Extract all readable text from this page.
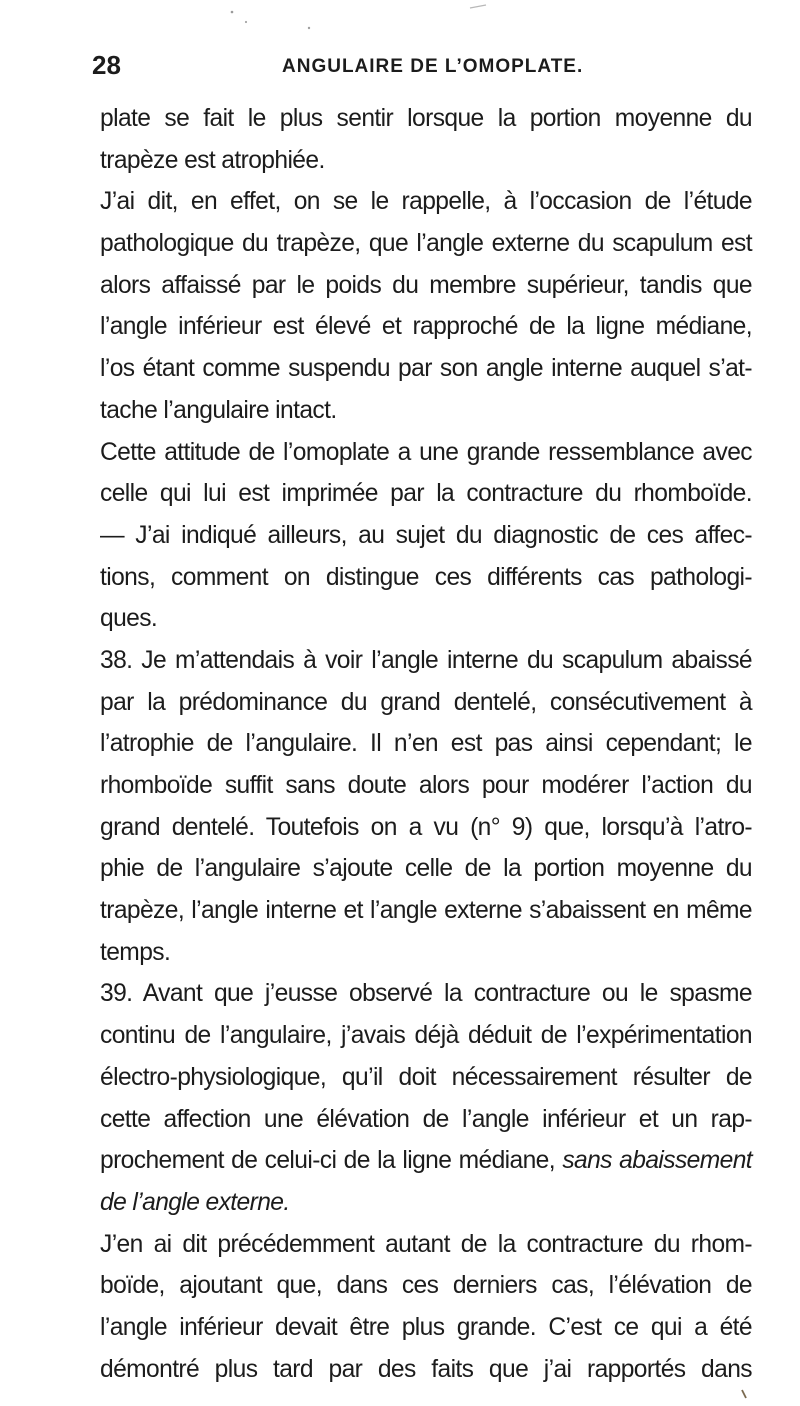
28	ANGULAIRE DE L’OMOPLATE.
plate se fait le plus sentir lorsque la portion moyenne du
trapèze est atrophiée.
J’ai dit, en effet, on se le rappelle, à l’occasion de l’étude
pathologique du trapèze, que l’angle externe du scapulum est
alors affaissé par le poids du membre supérieur, tandis que
l’angle inférieur est élevé et rapproché de la ligne médiane,
l’os étant comme suspendu par son angle interne auquel s’at-
tache l’angulaire intact.
Cette attitude de l’omoplate a une grande ressemblance avec
celle qui lui est imprimée par la contracture du rhomboïde.
— J’ai indiqué ailleurs, au sujet du diagnostic de ces affec-
tions, comment on distingue ces différents cas pathologi-
ques.
38. Je m’attendais à voir l’angle interne du scapulum abaissé
par la prédominance du grand dentelé, consécutivement à
l’atrophie de l’angulaire. Il n’en est pas ainsi cependant; le
rhomboïde suffit sans doute alors pour modérer l’action du
grand dentelé. Toutefois on a vu (n° 9) que, lorsqu’à l’atro-
phie de l’angulaire s’ajoute celle de la portion moyenne du
trapèze, l’angle interne et l’angle externe s’abaissent en même
temps.
39. Avant que j’eusse observé la contracture ou le spasme
continu de l’angulaire, j’avais déjà déduit de l’expérimentation
électro-physiologique, qu’il doit nécessairement résulter de
cette affection une élévation de l’angle inférieur et un rap-
prochement de celui-ci de la ligne médiane, sans abaissement
de l’angle externe.
J’en ai dit précédemment autant de la contracture du rhom-
boïde, ajoutant que, dans ces derniers cas, l’élévation de
l’angle inférieur devait être plus grande. C’est ce qui a été
démontré plus tard par des faits que j’ai rapportés dans
